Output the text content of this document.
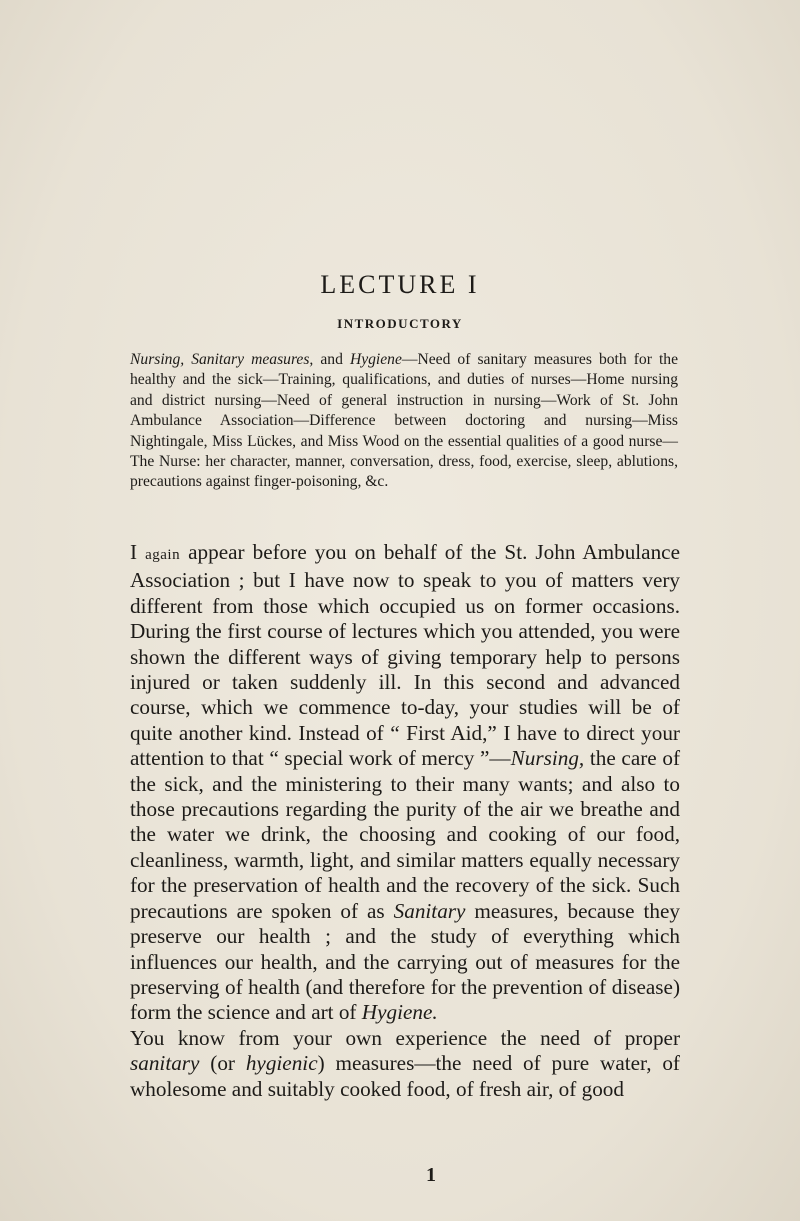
LECTURE I
INTRODUCTORY

Nursing, Sanitary measures, and Hygiene—Need of sanitary measures both for the healthy and the sick—Training, qualifications, and duties of nurses—Home nursing and district nursing—Need of general instruction in nursing—Work of St. John Ambulance Association—Difference between doctoring and nursing—Miss Nightingale, Miss Lückes, and Miss Wood on the essential qualities of a good nurse—The Nurse: her character, manner, conversation, dress, food, exercise, sleep, ablutions, precautions against finger-poisoning, &c.

I again appear before you on behalf of the St. John Ambulance Association ; but I have now to speak to you of matters very different from those which occupied us on former occasions. During the first course of lectures which you attended, you were shown the different ways of giving temporary help to persons injured or taken suddenly ill. In this second and advanced course, which we commence to-day, your studies will be of quite another kind. Instead of “ First Aid,” I have to direct your attention to that “ special work of mercy ”—Nursing, the care of the sick, and the ministering to their many wants; and also to those precautions regarding the purity of the air we breathe and the water we drink, the choosing and cooking of our food, cleanliness, warmth, light, and similar matters equally necessary for the preservation of health and the recovery of the sick. Such precautions are spoken of as Sanitary measures, because they preserve our health ; and the study of everything which influences our health, and the carrying out of measures for the preserving of health (and therefore for the prevention of disease) form the science and art of Hygiene.

You know from your own experience the need of proper sanitary (or hygienic) measures—the need of pure water, of wholesome and suitably cooked food, of fresh air, of good

1
